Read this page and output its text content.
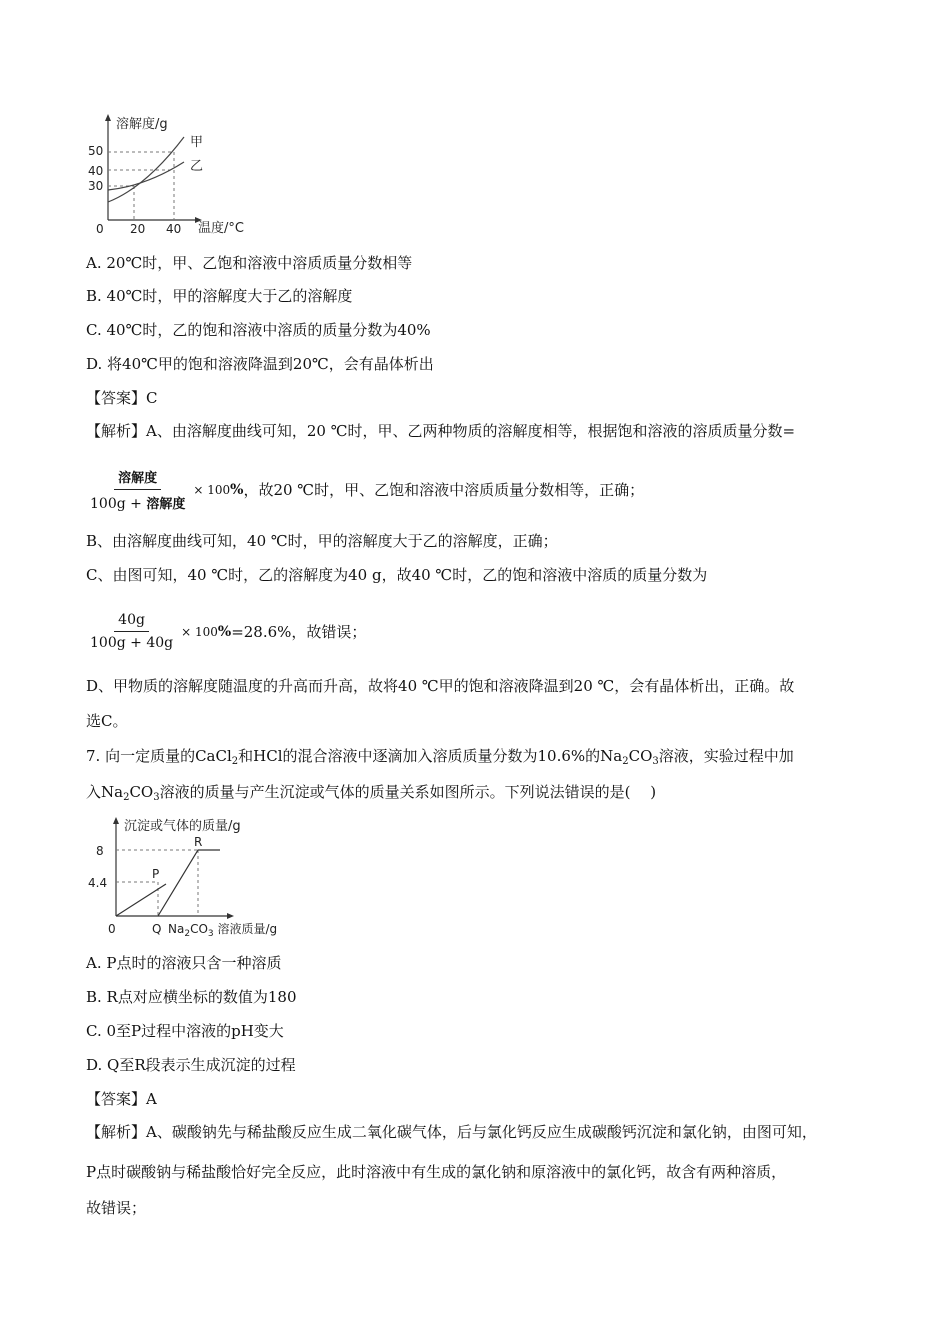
溶解度/g
温度/°C
0 20 40
50
40
30
甲
乙
A. 20℃时，甲、乙饱和溶液中溶质质量分数相等
B. 40℃时，甲的溶解度大于乙的溶解度
C. 40℃时，乙的饱和溶液中溶质的质量分数为40%
D. 将40℃甲的饱和溶液降温到20℃，会有晶体析出
【答案】C
【解析】A、由溶解度曲线可知，20 ℃时，甲、乙两种物质的溶解度相等，根据饱和溶液的溶质质量分数=
$\frac{\text{溶解度}}{\text{100g + 溶解度}} \times 100$ % ，故20 ℃时，甲、乙饱和溶液中溶质质量分数相等，正确；
B、由溶解度曲线可知，40 ℃时，甲的溶解度大于乙的溶解度，正确；
C、由图可知，40 ℃时，乙的溶解度为40 g，故40 ℃时，乙的饱和溶液中溶质的质量分数为
$\frac{40g}{100g + 40g} \times 100$ % =28.6%，故错误；
D、甲物质的溶解度随温度的升高而升高，故将40 ℃甲的饱和溶液降温到20 ℃，会有晶体析出，正确。故
选C。
7. 向一定质量的CaCl$_2$和HCl的混合溶液中逐滴加入溶质质量分数为10.6%的$Na_2CO_3$溶液，实验过程中加
入$Na_2CO_3$溶液的质量与产生沉淀或气体的质量关系如图所示。下列说法错误的是(　 )
沉淀或气体的质量/g
8
4.4
P
R
0	Q $Na_2CO_3$ 溶液质量/g
A. P点时的溶液只含一种溶质
B. R点对应横坐标的数值为180
C. 0至P过程中溶液的pH变大
D. Q至R段表示生成沉淀的过程
【答案】A
【解析】A、碳酸钠先与稀盐酸反应生成二氧化碳气体，后与氯化钙反应生成碳酸钙沉淀和氯化钠，由图可知，
P点时碳酸钠与稀盐酸恰好完全反应，此时溶液中有生成的氯化钠和原溶液中的氯化钙，故含有两种溶质，
故错误；
